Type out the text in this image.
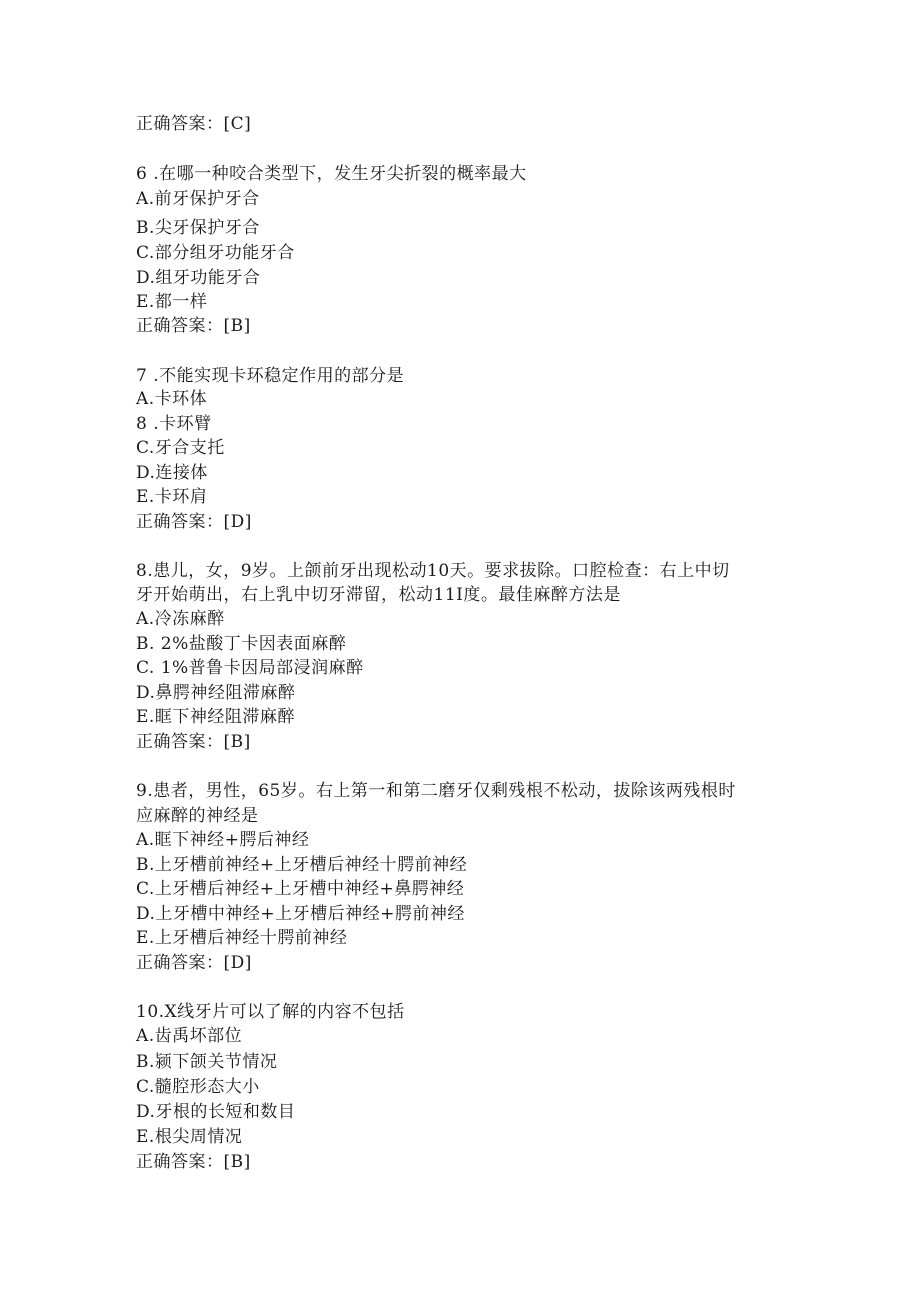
正确答案：[C]
6 .在哪一种咬合类型下，发生牙尖折裂的概率最大
A.前牙保护牙合
B.尖牙保护牙合
C.部分组牙功能牙合
D.组牙功能牙合
E.都一样
正确答案：[B]
7 .不能实现卡环稳定作用的部分是
A.卡环体
8 .卡环臂
C.牙合支托
D.连接体
E.卡环肩
正确答案：[D]
8.患儿，女，9岁。上颌前牙出现松动10天。要求拔除。口腔检查：右上中切
牙开始萌出，右上乳中切牙滞留，松动11I度。最佳麻醉方法是
A.冷冻麻醉
B. 2%盐酸丁卡因表面麻醉
C. 1%普鲁卡因局部浸润麻醉
D.鼻腭神经阻滞麻醉
E.眶下神经阻滞麻醉
正确答案：[B]
9.患者，男性，65岁。右上第一和第二磨牙仅剩残根不松动，拔除该两残根时
应麻醉的神经是
A.眶下神经+腭后神经
B.上牙槽前神经+上牙槽后神经十腭前神经
C.上牙槽后神经+上牙槽中神经+鼻腭神经
D.上牙槽中神经+上牙槽后神经+腭前神经
E.上牙槽后神经十腭前神经
正确答案：[D]
10.X线牙片可以了解的内容不包括
A.齿禹坏部位
B.颍下颌关节情况
C.髓腔形态大小
D.牙根的长短和数目
E.根尖周情况
正确答案：[B]
